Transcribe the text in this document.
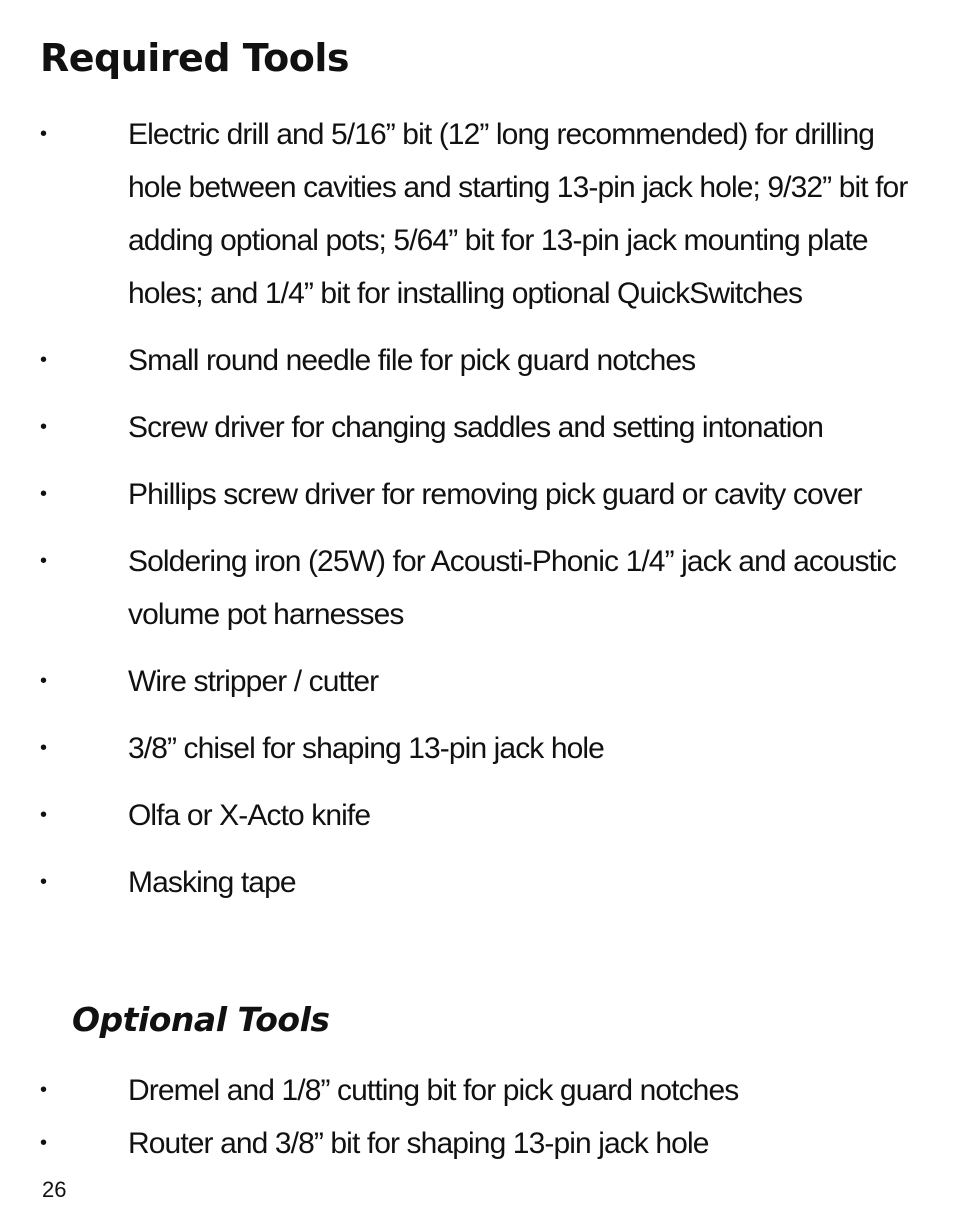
Required Tools
•	Electric drill and 5/16” bit (12” long recommended) for drilling hole between cavities and starting 13-pin jack hole; 9/32” bit for adding optional pots; 5/64” bit for 13-pin jack mounting plate holes; and 1/4” bit for installing optional QuickSwitches
•	Small round needle file for pick guard notches
•	Screw driver for changing saddles and setting intonation
•	Phillips screw driver for removing pick guard or cavity cover
•	Soldering iron (25W) for Acousti-Phonic 1/4” jack and acoustic volume pot harnesses
•	Wire stripper / cutter
•	3/8” chisel for shaping 13-pin jack hole
•	Olfa or X-Acto knife
•	Masking tape
Optional Tools
•	Dremel and 1/8” cutting bit for pick guard notches
•	Router and 3/8” bit for shaping 13-pin jack hole
26
